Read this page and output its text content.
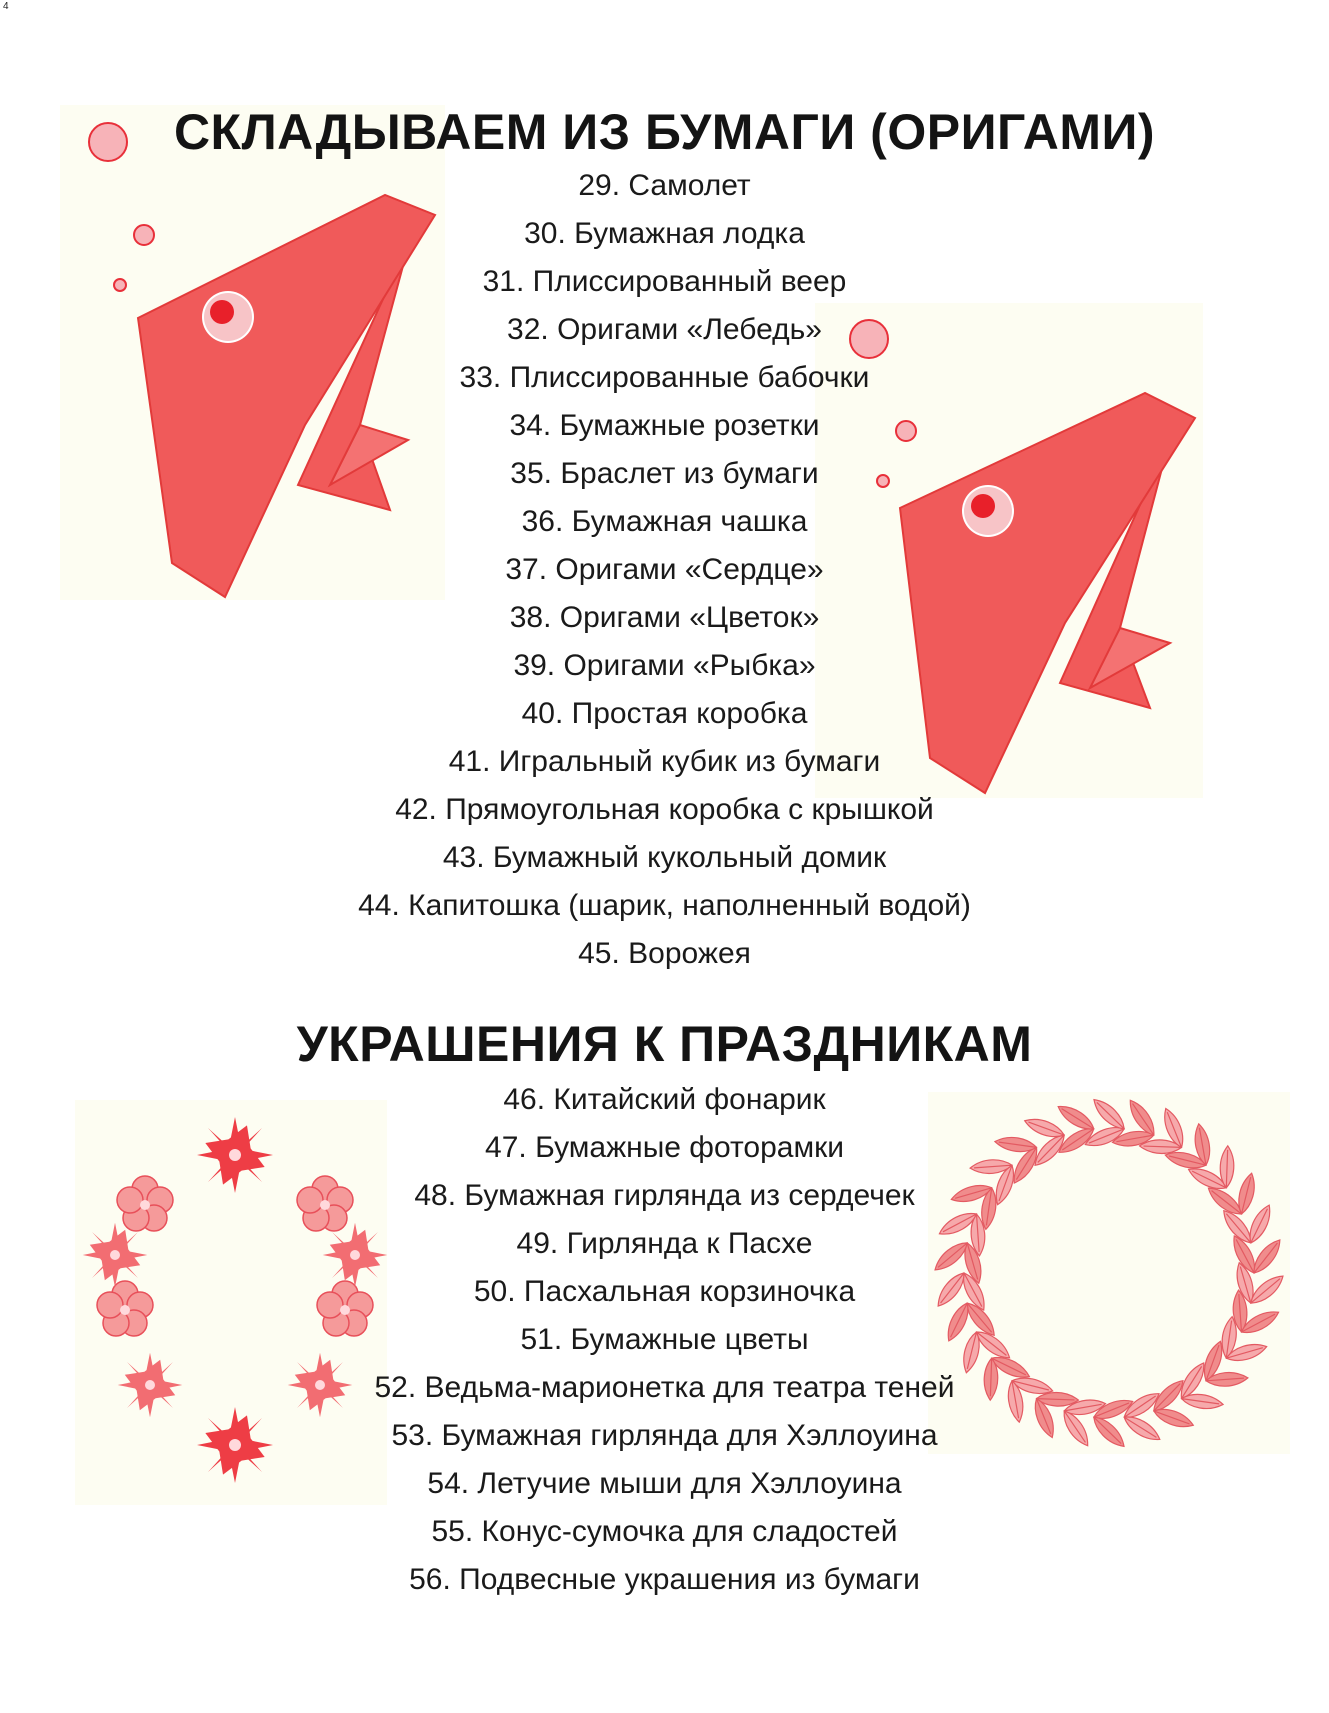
4
СКЛАДЫВАЕМ ИЗ БУМАГИ (ОРИГАМИ)
29. Самолет
30. Бумажная лодка
31. Плиссированный веер
32. Оригами «Лебедь»
33. Плиссированные бабочки
34. Бумажные розетки
35. Браслет из бумаги
36. Бумажная чашка
37. Оригами «Сердце»
38. Оригами «Цветок»
39. Оригами «Рыбка»
40. Простая коробка
41. Игральный кубик из бумаги
42. Прямоугольная коробка с крышкой
43. Бумажный кукольный домик
44. Капитошка (шарик, наполненный водой)
45. Ворожея
УКРАШЕНИЯ К ПРАЗДНИКАМ
46. Китайский фонарик
47. Бумажные фоторамки
48. Бумажная гирлянда из сердечек
49. Гирлянда к Пасхе
50. Пасхальная корзиночка
51. Бумажные цветы
52. Ведьма-марионетка для театра теней
53. Бумажная гирлянда для Хэллоуина
54. Летучие мыши для Хэллоуина
55. Конус-сумочка для сладостей
56. Подвесные украшения из бумаги
